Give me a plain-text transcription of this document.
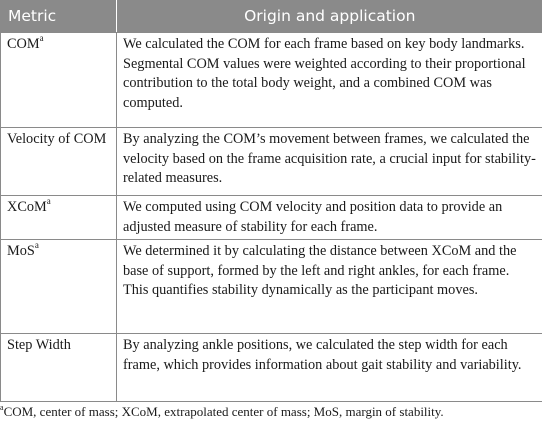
Metric	Origin and application
COM$^a$	We calculated the COM for each frame based on key body landmarks. Segmental COM values were weighted according to their proportional contribution to the total body weight, and a combined COM was computed.
Velocity of COM	By analyzing the COM’s movement between frames, we calculated the velocity based on the frame acquisition rate, a crucial input for stability-related measures.
XCoM$^a$	We computed using COM velocity and position data to provide an adjusted measure of stability for each frame.
MoS$^a$	We determined it by calculating the distance between XCoM and the base of support, formed by the left and right ankles, for each frame. This quantifies stability dynamically as the participant moves.
Step Width	By analyzing ankle positions, we calculated the step width for each frame, which provides information about gait stability and variability.
$^a$COM, center of mass; XCoM, extrapolated center of mass; MoS, margin of stability.
